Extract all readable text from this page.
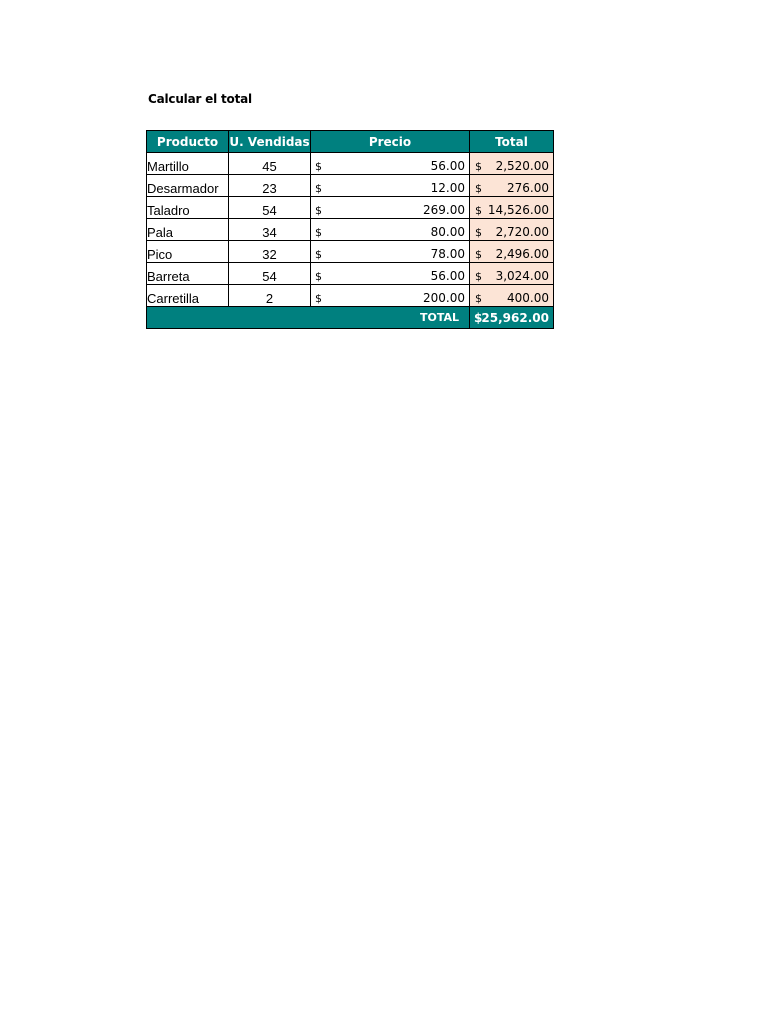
Calcular el total
Producto	U. Vendidas	Precio	Total
Martillo	45	$ 56.00	$ 2,520.00

Desarmador	23	$ 12.00	$ 276.00

Taladro	54	$ 269.00	$ 14,526.00

Pala	34	$ 80.00	$ 2,720.00

Pico	32	$ 78.00	$ 2,496.00

Barreta	54	$ 56.00	$ 3,024.00

Carretilla	2	$ 200.00	$ 400.00

TOTAL			$ 25,962.00
